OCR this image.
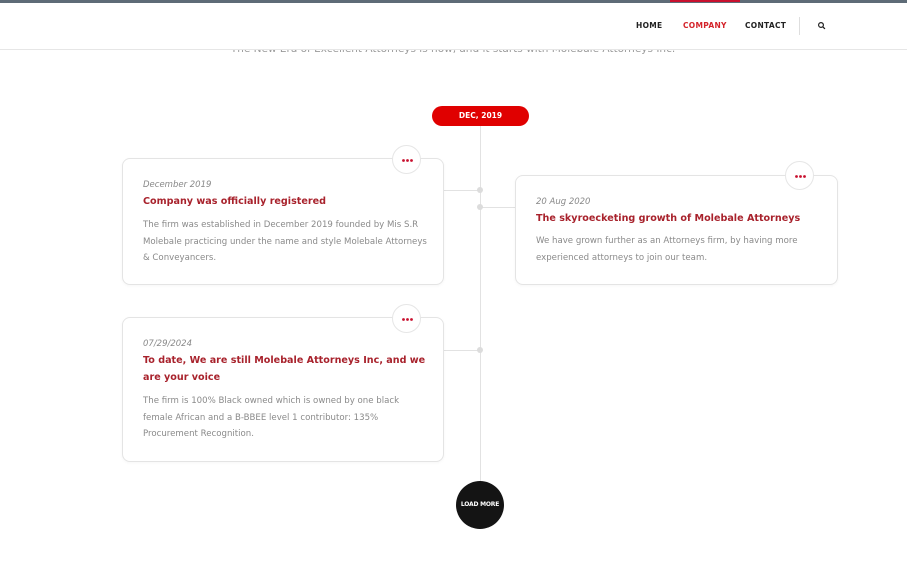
HOME	COMPANY CONTACT
DEC, 2019
December 2019
Company was officially registered
The firm was established in December 2019 founded by Mis S.R Molebale practicing under the name and style Molebale Attorneys & Conveyancers.
20 Aug 2020
The skyroecketing growth of Molebale Attorneys
We have grown further as an Attorneys firm, by having more experienced attorneys to join our team.
07/29/2024
To date, We are still Molebale Attorneys Inc, and we are your voice
The firm is 100% Black owned which is owned by one black female African and a B-BBEE level 1 contributor: 135% Procurement Recognition.
LOAD MORE
